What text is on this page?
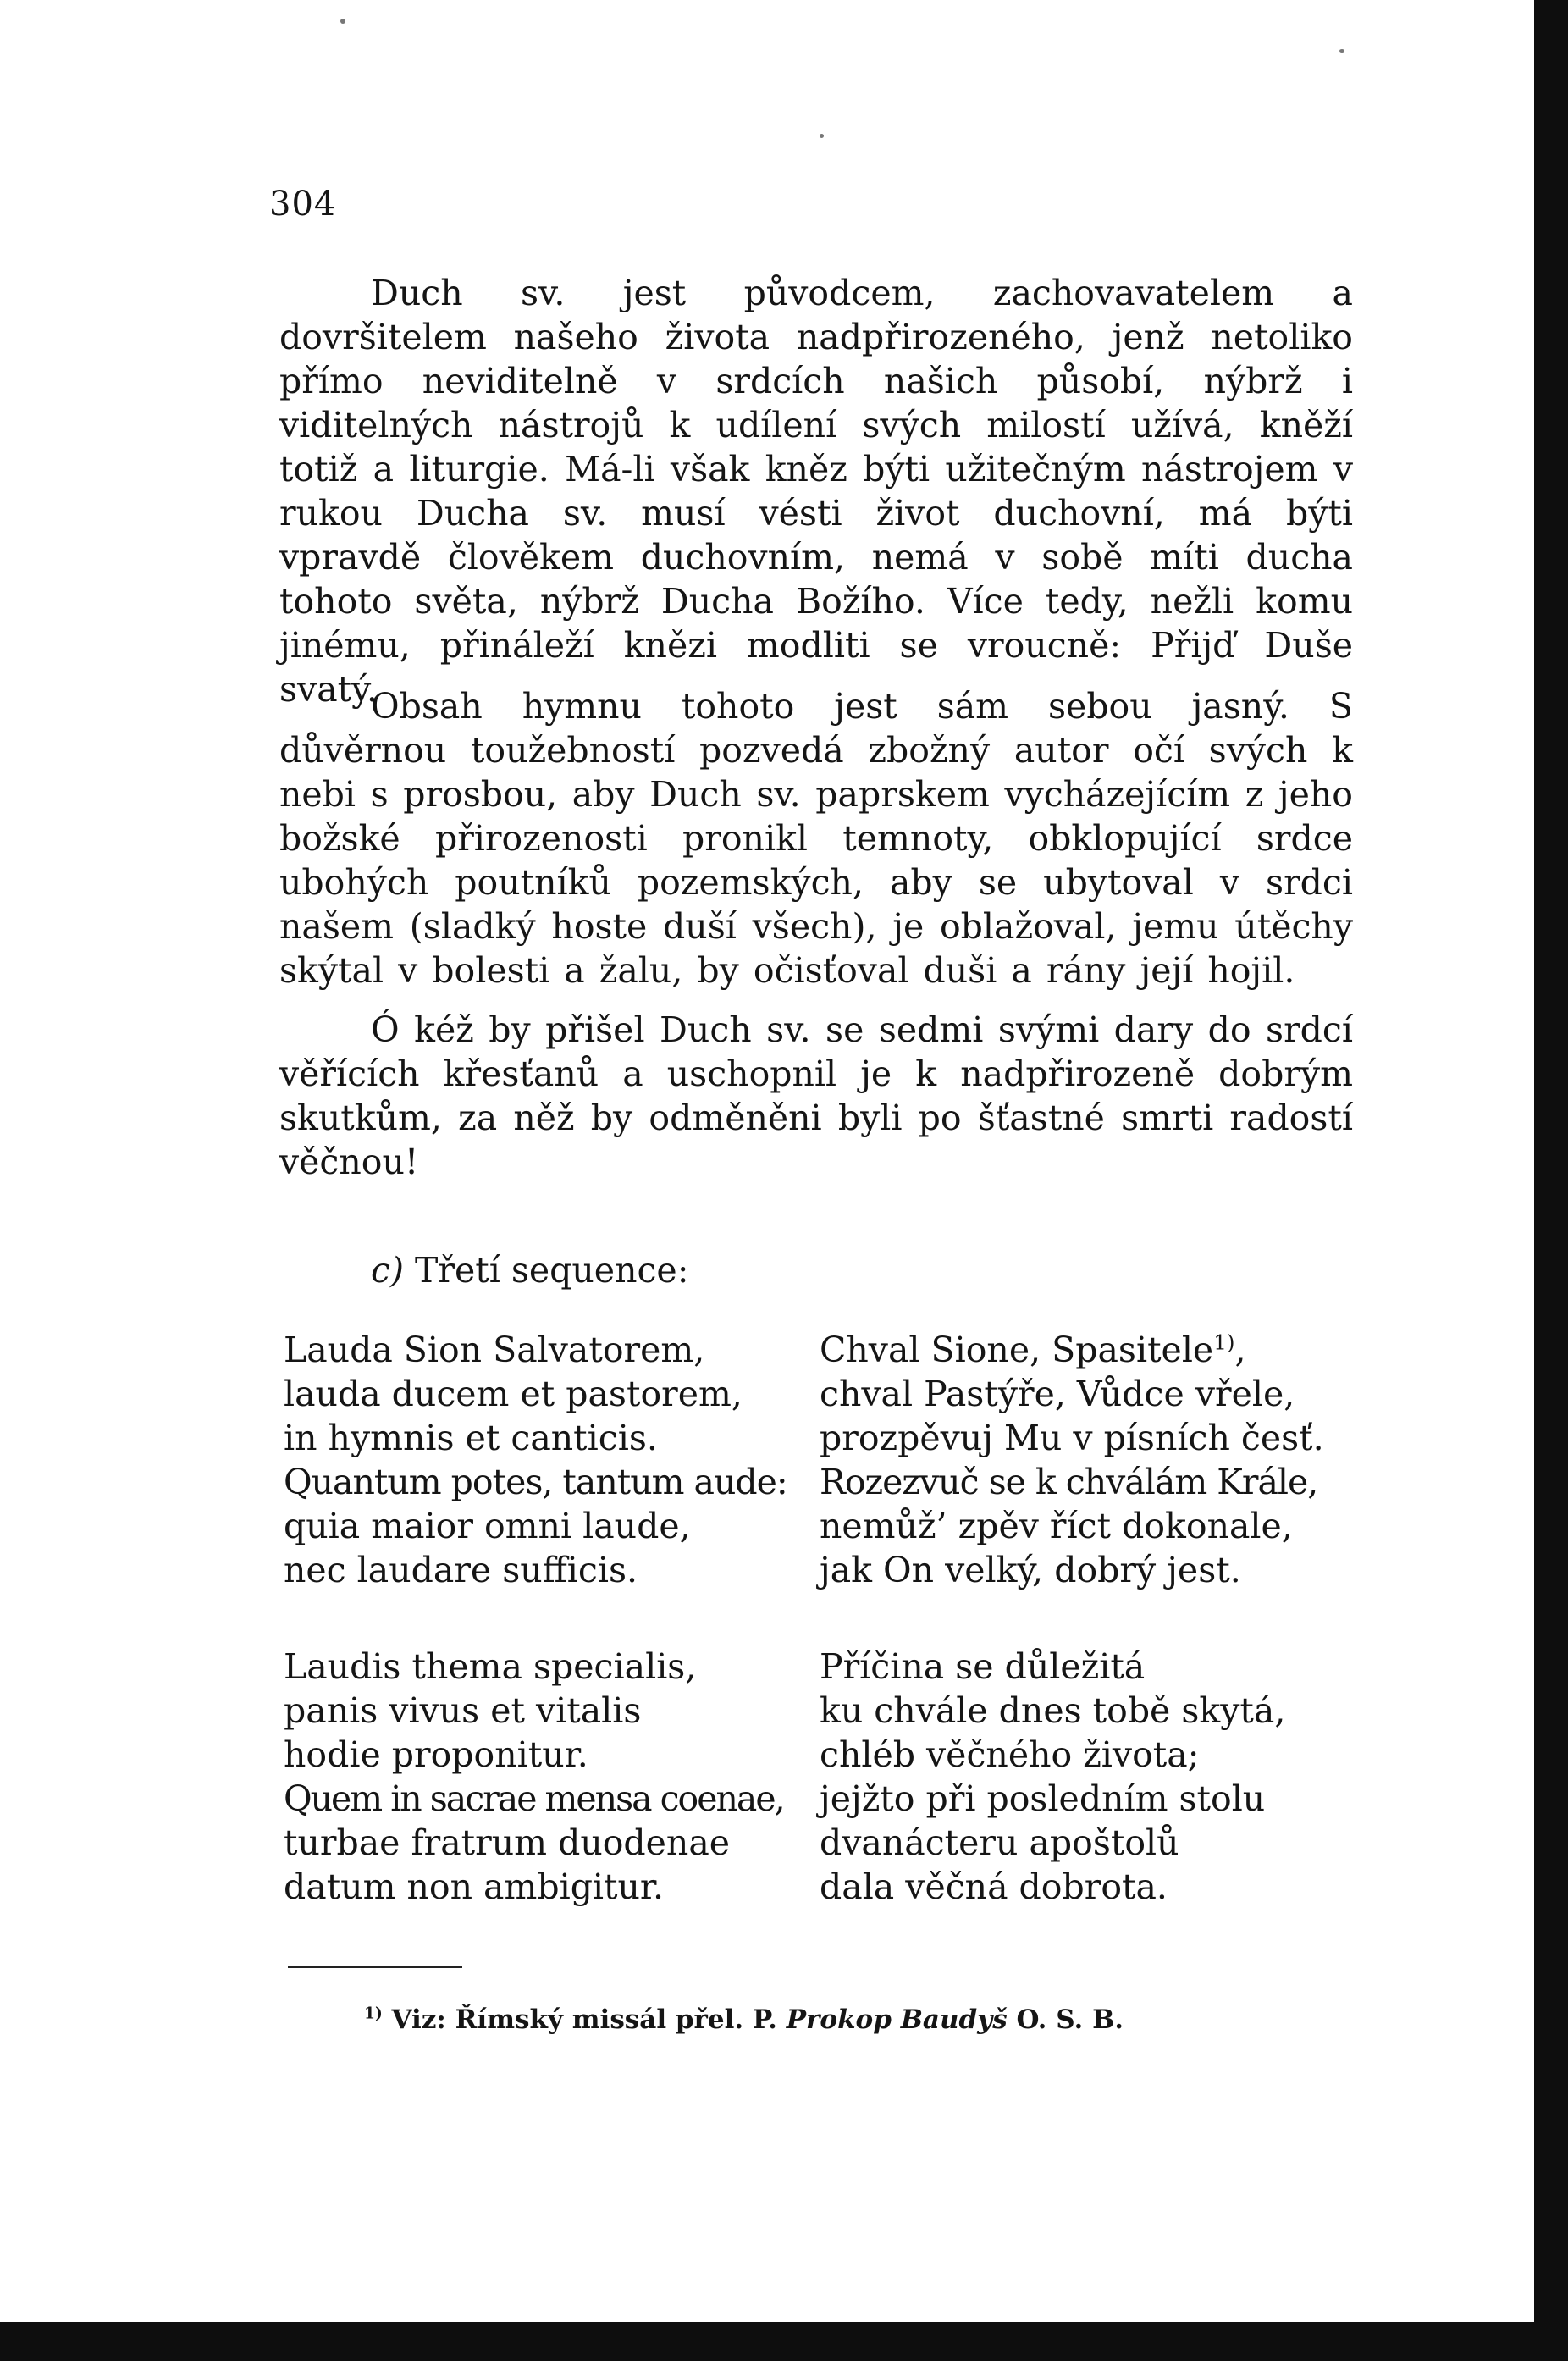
304

Duch sv. jest původcem, zachovavatelem a dovršitelem našeho života nadpřirozeného, jenž netoliko přímo neviditelně v srdcích našich působí, nýbrž i viditelných nástrojů k udílení svých milostí užívá, kněží totiž a liturgie. Má-li však kněz býti užitečným nástrojem v rukou Ducha sv. musí vésti život duchovní, má býti vpravdě člověkem duchovním, nemá v sobě míti ducha tohoto světa, nýbrž Ducha Božího. Více tedy, nežli komu jinému, přináleží knězi modliti se vroucně: Přijď Duše svatý.

Obsah hymnu tohoto jest sám sebou jasný. S důvěrnou toužebností pozvedá zbožný autor očí svých k nebi s prosbou, aby Duch sv. paprskem vycházejícím z jeho božské přirozenosti pronikl temnoty, obklopující srdce ubohých poutníků pozemských, aby se ubytoval v srdci našem (sladký hoste duší všech), je oblažoval, jemu útěchy skýtal v bolesti a žalu, by očisťoval duši a rány její hojil.

Ó kéž by přišel Duch sv. se sedmi svými dary do srdcí věřících křesťanů a uschopnil je k nadpřirozeně dobrým skutkům, za něž by odměněni byli po šťastné smrti radostí věčnou!

c) Třetí sequence:
Lauda Sion Salvatorem,
lauda ducem et pastorem,
in hymnis et canticis.
Quantum potes, tantum aude:
quia maior omni laude,
nec laudare sufficis.
Chval Sione, Spasitele$^{1)}$,
chval Pastýře, Vůdce vřele,
prozpěvuj Mu v písních česť.
Rozezvuč se k chválám Krále,
nemůž’ zpěv říct dokonale,
jak On velký, dobrý jest.
Laudis thema specialis,
panis vivus et vitalis
hodie proponitur.
Quem in sacrae mensa coenae,
turbae fratrum duodenae
datum non ambigitur.
Příčina se důležitá
ku chvále dnes tobě skytá,
chléb věčného života;
jejžto při posledním stolu
dvanácteru apoštolů
dala věčná dobrota.
$^{1)}$ Viz: Římský missál přel. P. Prokop Baudyš O. S. B.
